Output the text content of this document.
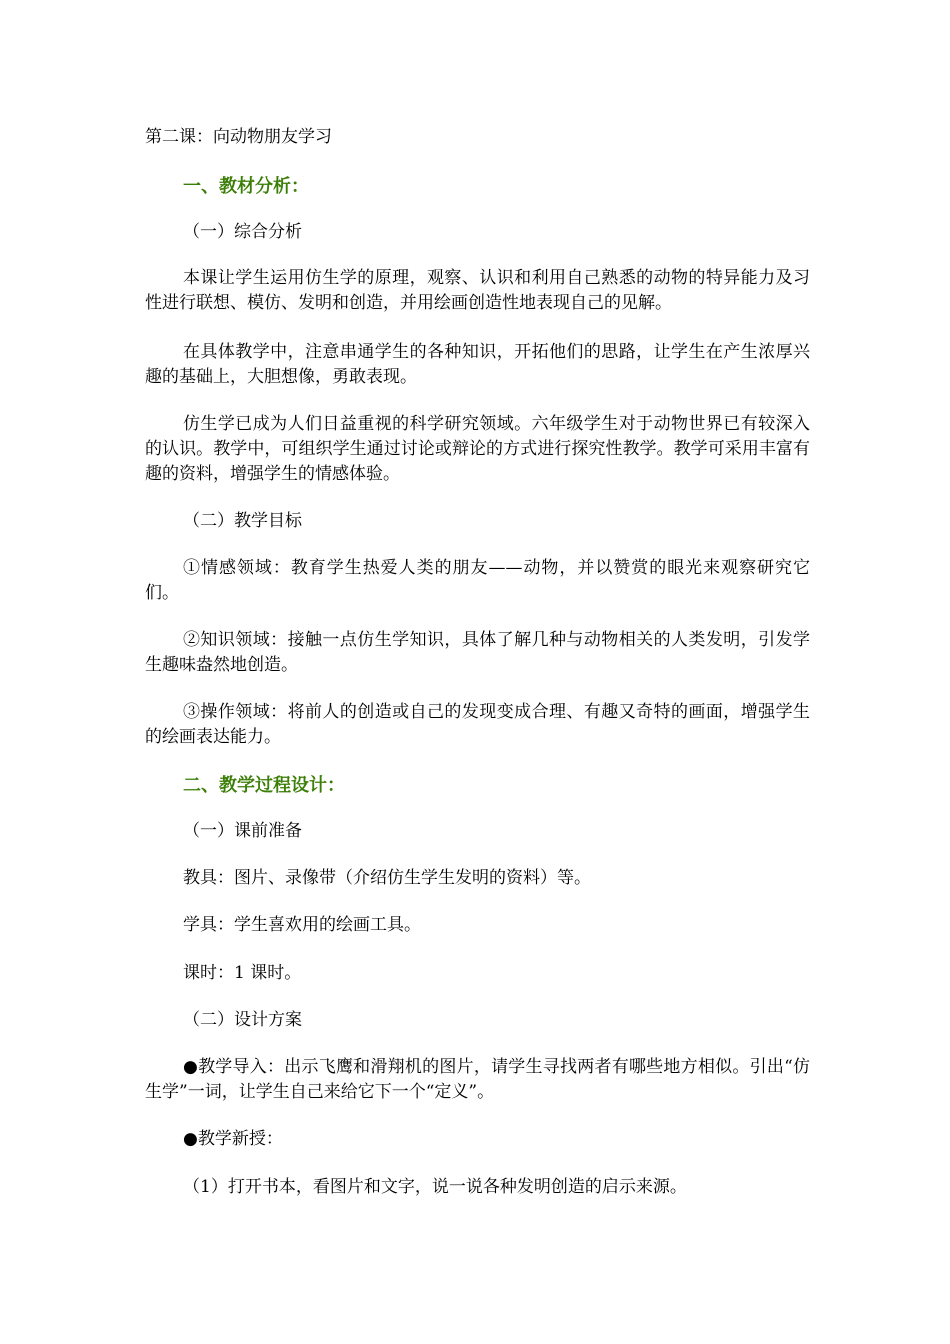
第二课：向动物朋友学习
一、教材分析：
（一）综合分析
本课让学生运用仿生学的原理，观察、认识和利用自己熟悉的动物的特异能力及习性进行联想、模仿、发明和创造，并用绘画创造性地表现自己的见解。
在具体教学中，注意串通学生的各种知识，开拓他们的思路，让学生在产生浓厚兴趣的基础上，大胆想像，勇敢表现。
仿生学已成为人们日益重视的科学研究领域。六年级学生对于动物世界已有较深入的认识。教学中，可组织学生通过讨论或辩论的方式进行探究性教学。教学可采用丰富有趣的资料，增强学生的情感体验。
（二）教学目标
①情感领域：教育学生热爱人类的朋友——动物，并以赞赏的眼光来观察研究它们。
②知识领域：接触一点仿生学知识，具体了解几种与动物相关的人类发明，引发学生趣味盎然地创造。
③操作领域：将前人的创造或自己的发现变成合理、有趣又奇特的画面，增强学生的绘画表达能力。
二、教学过程设计：
（一）课前准备
教具：图片、录像带（介绍仿生学生发明的资料）等。
学具：学生喜欢用的绘画工具。
课时：1 课时。
（二）设计方案
●教学导入：出示飞鹰和滑翔机的图片，请学生寻找两者有哪些地方相似。引出“仿生学”一词，让学生自己来给它下一个“定义”。
●教学新授：
（1）打开书本，看图片和文字，说一说各种发明创造的启示来源。
